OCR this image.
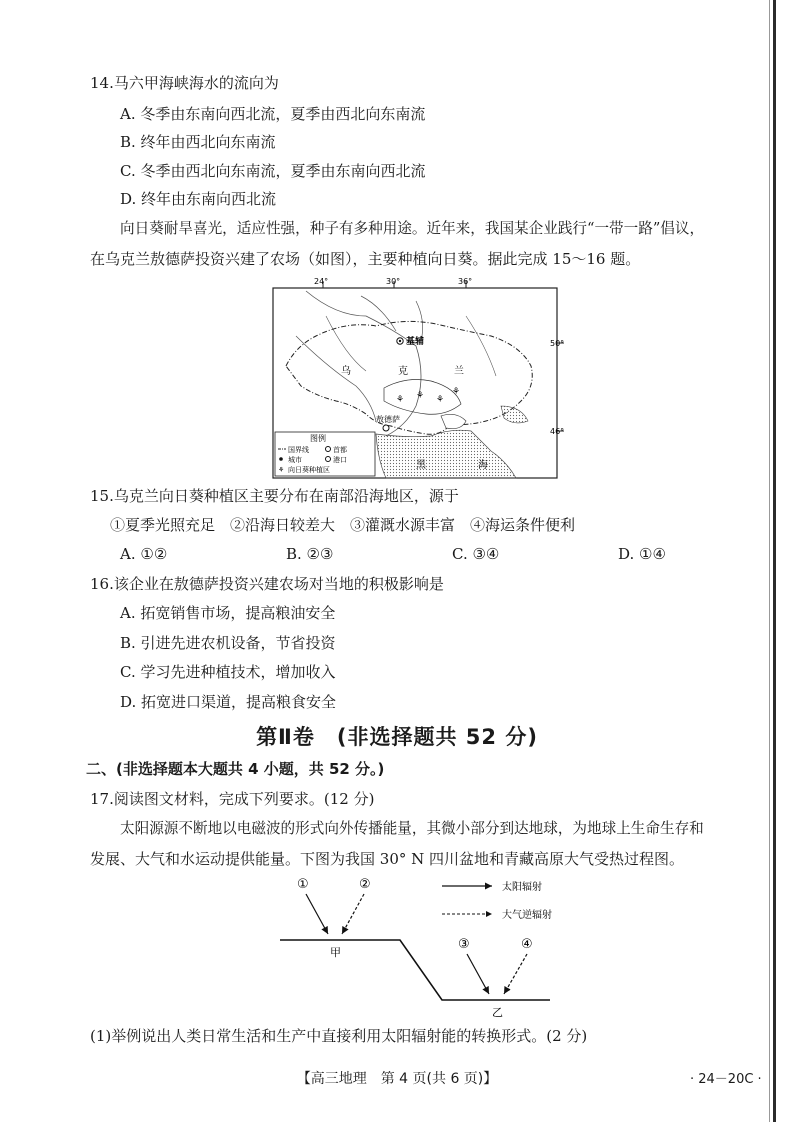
14.马六甲海峡海水的流向为
A. 冬季由东南向西北流，夏季由西北向东南流
B. 终年由西北向东南流
C. 冬季由西北向东南流，夏季由东南向西北流
D. 终年由东南向西北流
向日葵耐旱喜光，适应性强，种子有多种用途。近年来，我国某企业践行“一带一路”倡议，
在乌克兰敖德萨投资兴建了农场（如图），主要种植向日葵。据此完成 15～16 题。
24°	30°	36°
50°
46°
⚘ ⚘ ⚘
⚘
基辅
敖德萨
乌	克	兰
黑	海
图例
国界线	首都
城市	港口
⚘ 向日葵种植区
15.乌克兰向日葵种植区主要分布在南部沿海地区，源于
①夏季光照充足　②沿海日较差大　③灌溉水源丰富　④海运条件便利
A. ①②	B. ②③	C. ③④	D. ①④
16.该企业在敖德萨投资兴建农场对当地的积极影响是
A. 拓宽销售市场，提高粮油安全
B. 引进先进农机设备，节省投资
C. 学习先进种植技术，增加收入
D. 拓宽进口渠道，提高粮食安全
第Ⅱ卷　(非选择题共 52 分)
二、(非选择题本大题共 4 小题，共 52 分。)
17.阅读图文材料，完成下列要求。(12 分)
太阳源源不断地以电磁波的形式向外传播能量，其微小部分到达地球，为地球上生命生存和
发展、大气和水运动提供能量。下图为我国 30° N 四川盆地和青藏高原大气受热过程图。
①	②
③	④
甲
乙
太阳辐射
大气逆辐射
(1)举例说出人类日常生活和生产中直接利用太阳辐射能的转换形式。(2 分)
【高三地理　第 4 页(共 6 页)】	· 24－20C ·
